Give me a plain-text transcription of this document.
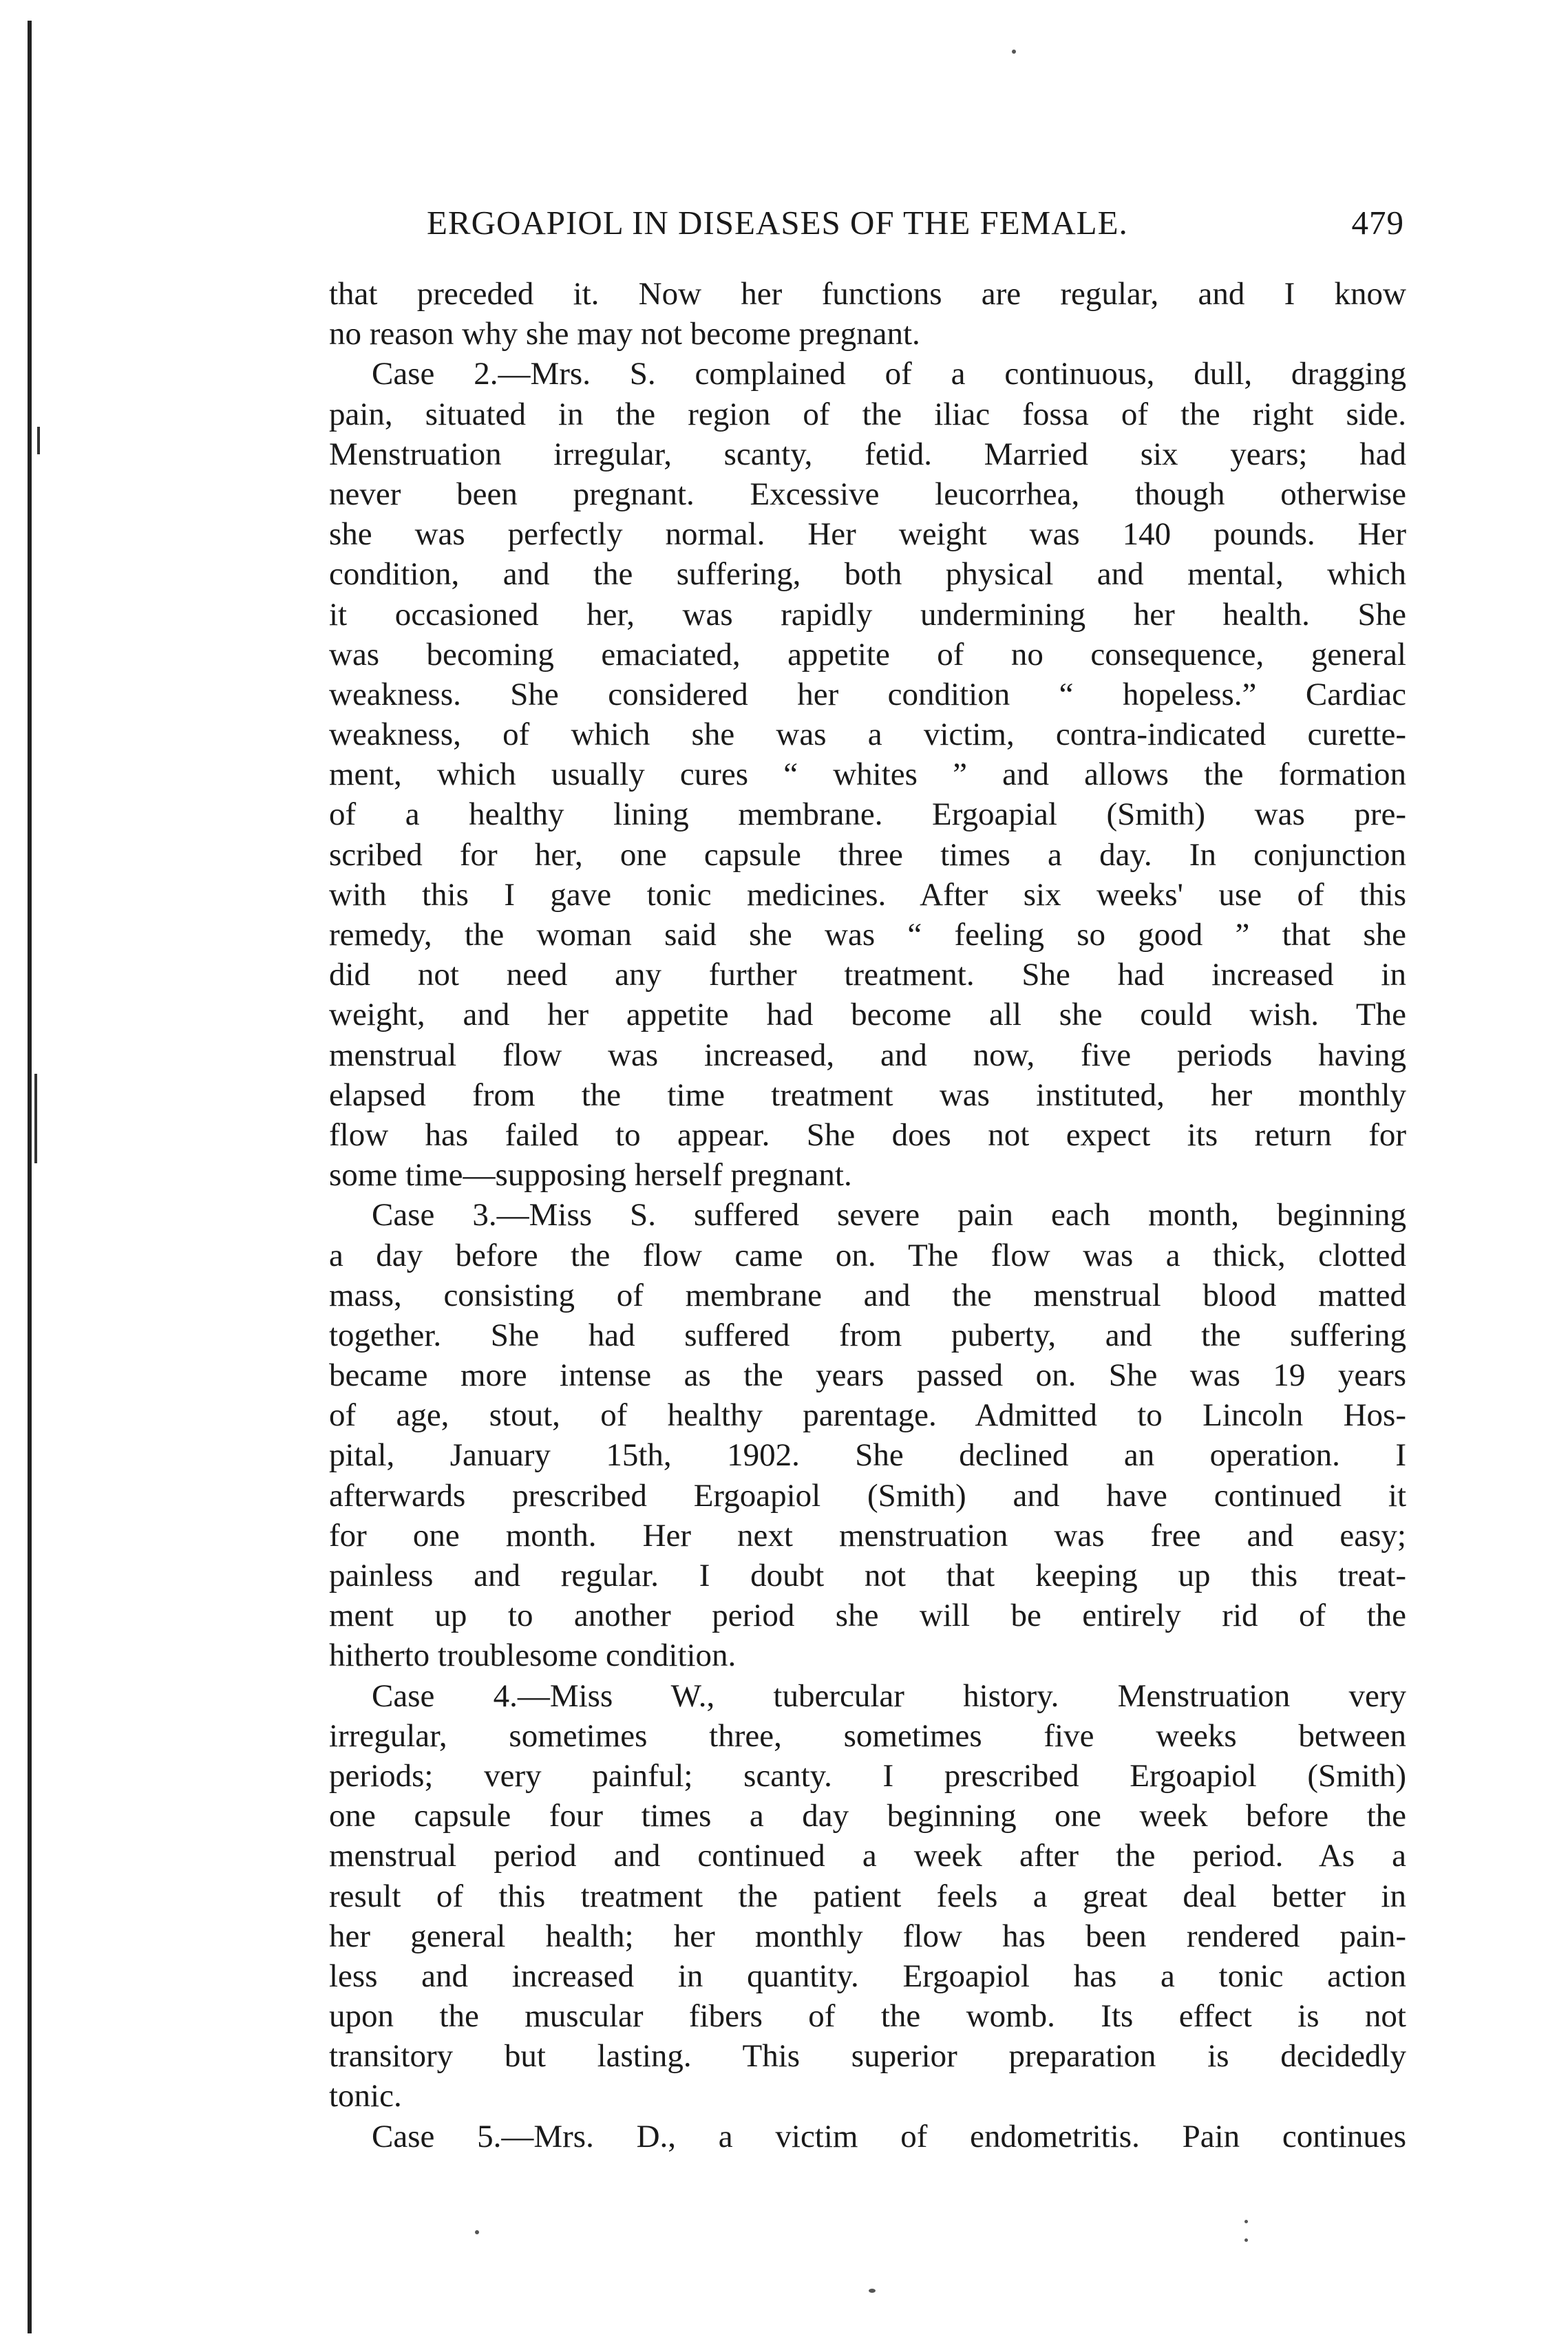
ERGOAPIOL IN DISEASES OF THE FEMALE.	479
that preceded it. Now her functions are regular, and I know
no reason why she may not become pregnant.
Case 2.—Mrs. S. complained of a continuous, dull, dragging
pain, situated in the region of the iliac fossa of the right side.
Menstruation irregular, scanty, fetid. Married six years; had
never been pregnant. Excessive leucorrhea, though otherwise
she was perfectly normal. Her weight was 140 pounds. Her
condition, and the suffering, both physical and mental, which
it occasioned her, was rapidly undermining her health. She
was becoming emaciated, appetite of no consequence, general
weakness. She considered her condition “ hopeless.” Cardiac
weakness, of which she was a victim, contra-indicated curette-
ment, which usually cures “ whites ” and allows the formation
of a healthy lining membrane. Ergoapial (Smith) was pre-
scribed for her, one capsule three times a day. In conjunction
with this I gave tonic medicines. After six weeks' use of this
remedy, the woman said she was “ feeling so good ” that she
did not need any further treatment. She had increased in
weight, and her appetite had become all she could wish. The
menstrual flow was increased, and now, five periods having
elapsed from the time treatment was instituted, her monthly
flow has failed to appear. She does not expect its return for
some time—supposing herself pregnant.
Case 3.—Miss S. suffered severe pain each month, beginning
a day before the flow came on. The flow was a thick, clotted
mass, consisting of membrane and the menstrual blood matted
together. She had suffered from puberty, and the suffering
became more intense as the years passed on. She was 19 years
of age, stout, of healthy parentage. Admitted to Lincoln Hos-
pital, January 15th, 1902. She declined an operation. I
afterwards prescribed Ergoapiol (Smith) and have continued it
for one month. Her next menstruation was free and easy;
painless and regular. I doubt not that keeping up this treat-
ment up to another period she will be entirely rid of the
hitherto troublesome condition.
Case 4.—Miss W., tubercular history. Menstruation very
irregular, sometimes three, sometimes five weeks between
periods; very painful; scanty. I prescribed Ergoapiol (Smith)
one capsule four times a day beginning one week before the
menstrual period and continued a week after the period. As a
result of this treatment the patient feels a great deal better in
her general health; her monthly flow has been rendered pain-
less and increased in quantity. Ergoapiol has a tonic action
upon the muscular fibers of the womb. Its effect is not
transitory but lasting. This superior preparation is decidedly
tonic.
Case 5.—Mrs. D., a victim of endometritis. Pain continues
